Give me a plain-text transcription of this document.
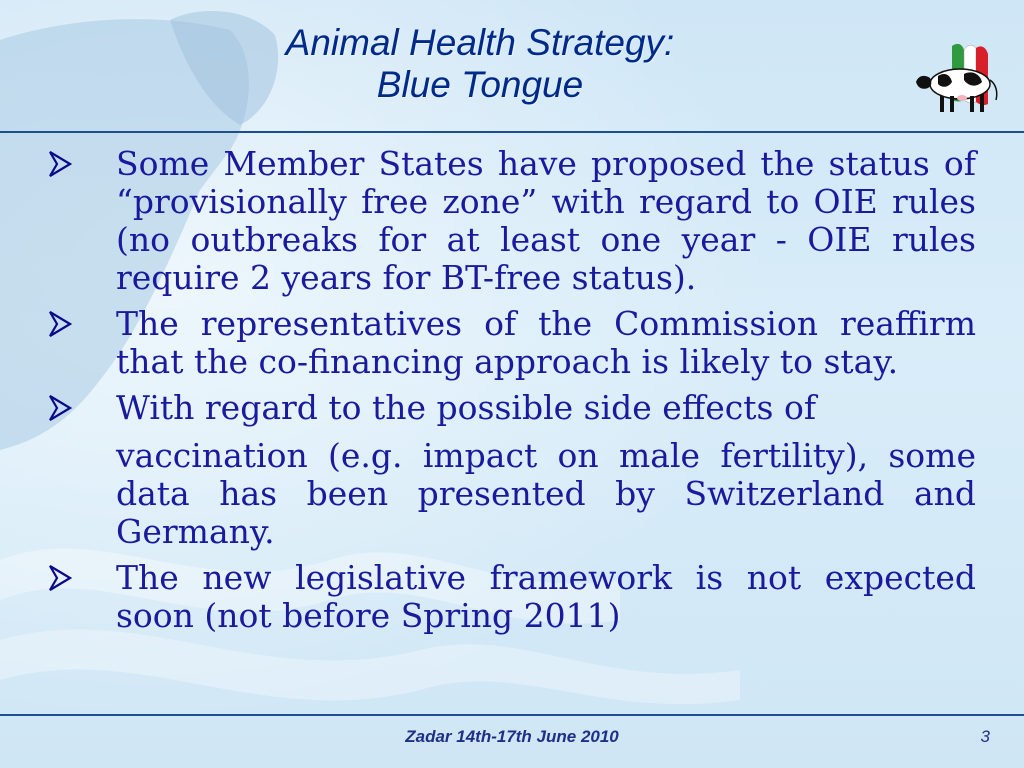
Animal Health Strategy:
Blue Tongue
Some Member States have proposed the status of “provisionally free zone” with regard to OIE rules (no outbreaks for at least one year - OIE rules require 2 years for BT-free status).
The representatives of the Commission reaffirm that the co-financing approach is likely to stay.
With regard to the possible side effects of
vaccination (e.g. impact on male fertility), some data has been presented by Switzerland and Germany.
The new legislative framework is not expected soon (not before Spring 2011)
Zadar 14th-17th June 2010	3
